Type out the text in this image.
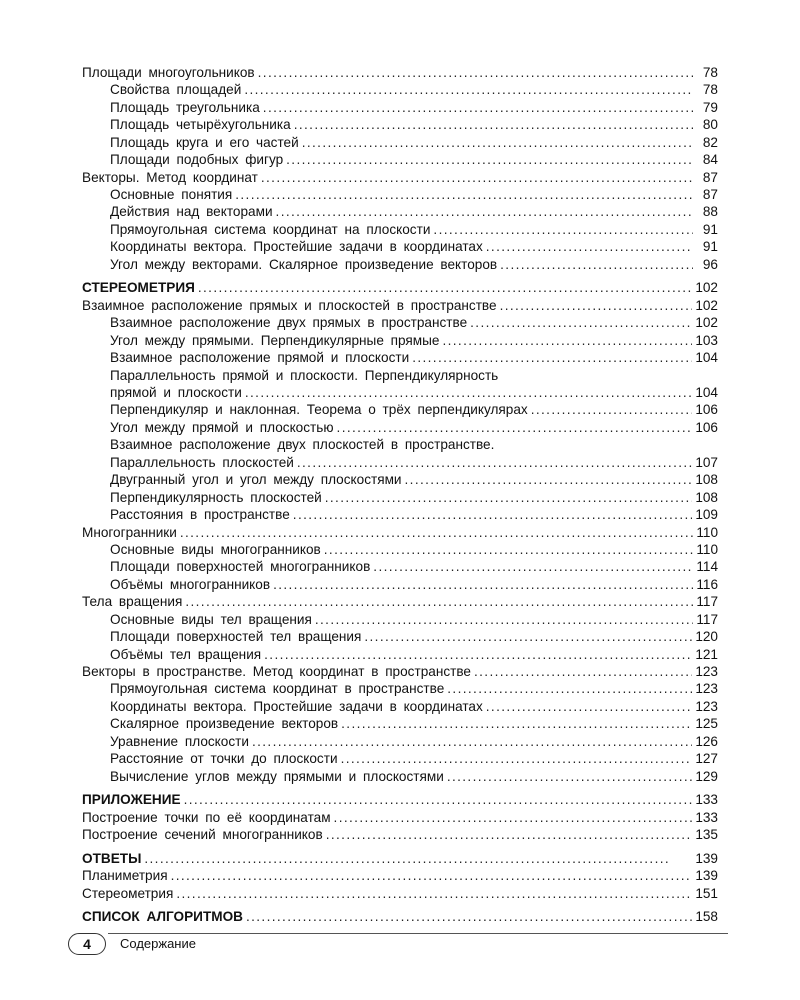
Площади многоугольников . . .	78
Свойства площадей . . .	78
Площадь треугольника . . .	79
Площадь четырёхугольника . . .	80
Площадь круга и его частей . . .	82
Площади подобных фигур . . .	84
Векторы. Метод координат . . .	87
Основные понятия . . .	87
Действия над векторами . . .	88
Прямоугольная система координат на плоскости . . .	91
Координаты вектора. Простейшие задачи в координатах . . .	91
Угол между векторами. Скалярное произведение векторов . . .	96
СТЕРЕОМЕТРИЯ . . .	102
Взаимное расположение прямых и плоскостей в пространстве . . .	102
Взаимное расположение двух прямых в пространстве . . .	102
Угол между прямыми. Перпендикулярные прямые . . .	103
Взаимное расположение прямой и плоскости . . .	104
Параллельность прямой и плоскости. Перпендикулярность
прямой и плоскости . . .	104
Перпендикуляр и наклонная. Теорема о трёх перпендикулярах . . .	106
Угол между прямой и плоскостью . . .	106
Взаимное расположение двух плоскостей в пространстве.
Параллельность плоскостей . . .	107
Двугранный угол и угол между плоскостями . . .	108
Перпендикулярность плоскостей . . .	108
Расстояния в пространстве . . .	109
Многогранники . . .	110
Основные виды многогранников . . .	110
Площади поверхностей многогранников . . .	114
Объёмы многогранников . . .	116
Тела вращения . . .	117
Основные виды тел вращения . . .	117
Площади поверхностей тел вращения . . .	120
Объёмы тел вращения . . .	121
Векторы в пространстве. Метод координат в пространстве . . .	123
Прямоугольная система координат в пространстве . . .	123
Координаты вектора. Простейшие задачи в координатах . . .	123
Скалярное произведение векторов . . .	125
Уравнение плоскости . . .	126
Расстояние от точки до плоскости . . .	127
Вычисление углов между прямыми и плоскостями . . .	129
ПРИЛОЖЕНИЕ . . .	133
Построение точки по её координатам . . .	133
Построение сечений многогранников . . .	135
ОТВЕТЫ . . .	139
Планиметрия . . .	139
Стереометрия . . .	151
СПИСОК АЛГОРИТМОВ . . .	158
4	Содержание
